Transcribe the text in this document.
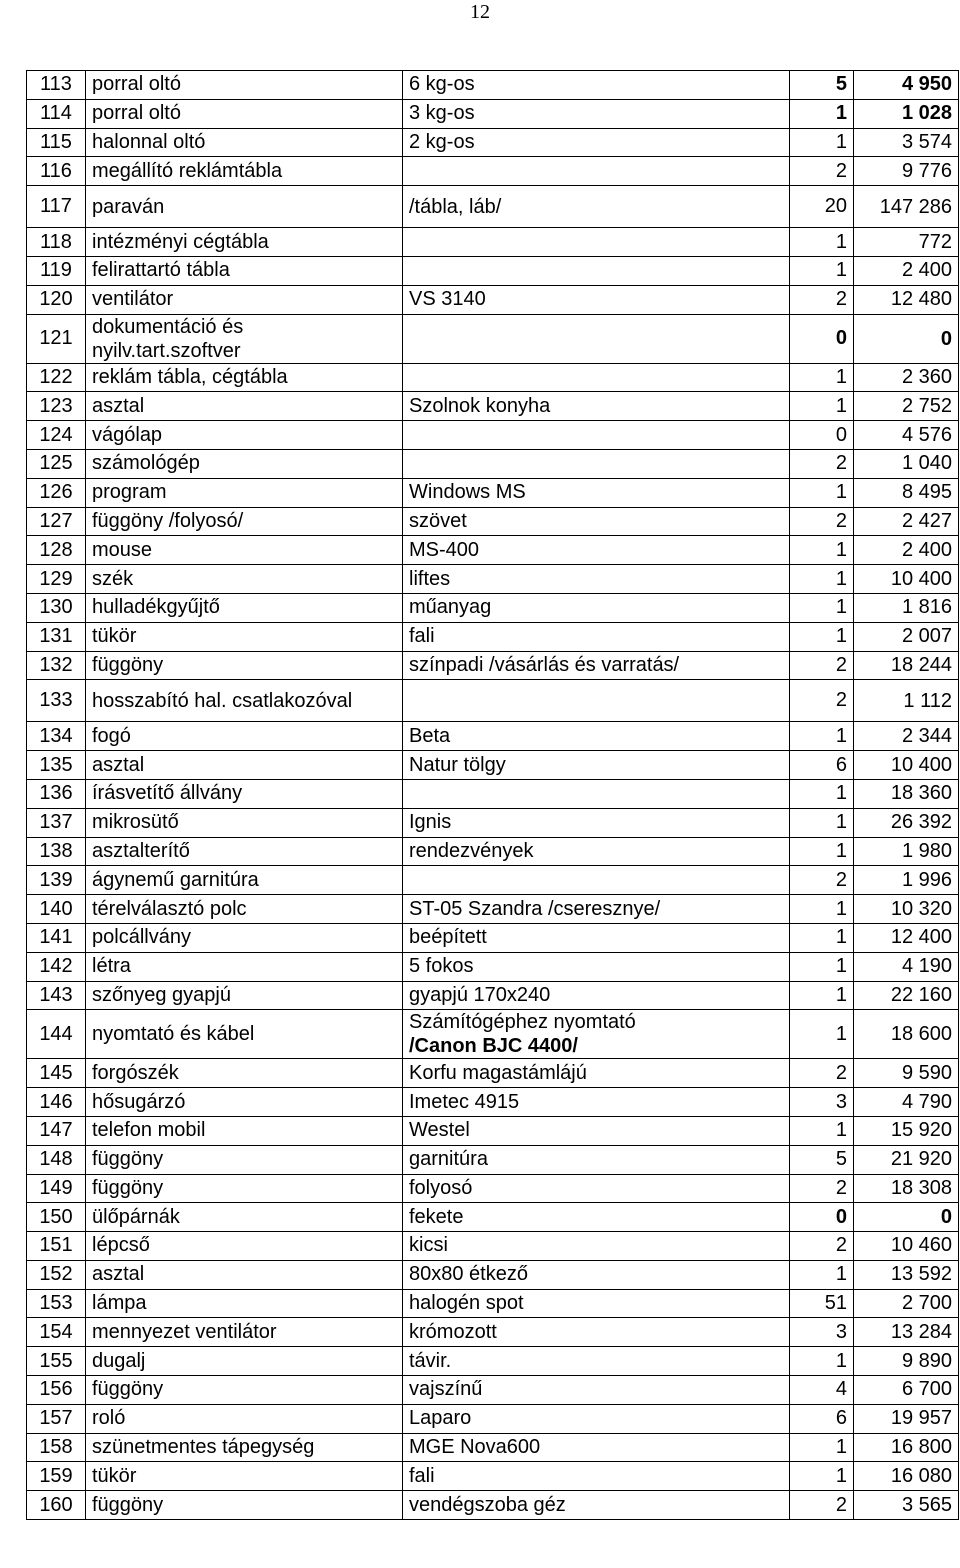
12
113	porral oltó	6 kg-os	5	4 950
114	porral oltó	3 kg-os	1	1 028
115	halonnal oltó	2 kg-os	1	3 574
116	megállító reklámtábla		2	9 776
117	paraván	/tábla, láb/	20	147 286
118	intézményi cégtábla		1	772
119	felirattartó tábla		1	2 400
120	ventilátor	VS 3140	2	12 480
121	dokumentáció és nyilv.tart.szoftver		0	0
122	reklám tábla, cégtábla		1	2 360
123	asztal	Szolnok konyha	1	2 752
124	vágólap		0	4 576
125	számológép		2	1 040
126	program	Windows MS	1	8 495
127	függöny /folyosó/	szövet	2	2 427
128	mouse	MS-400	1	2 400
129	szék	liftes	1	10 400
130	hulladékgyűjtő	műanyag	1	1 816
131	tükör	fali	1	2 007
132	függöny	színpadi /vásárlás és varratás/	2	18 244
133	hosszabító hal. csatlakozóval		2	1 112
134	fogó	Beta	1	2 344
135	asztal	Natur tölgy	6	10 400
136	írásvetítő állvány		1	18 360
137	mikrosütő	Ignis	1	26 392
138	asztalterítő	rendezvények	1	1 980
139	ágynemű garnitúra		2	1 996
140	térelválasztó polc	ST-05 Szandra /cseresznye/	1	10 320
141	polcállvány	beépített	1	12 400
142	létra	5 fokos	1	4 190
143	szőnyeg gyapjú	gyapjú 170x240	1	22 160
144	nyomtató és kábel	Számítógéphez nyomtató
/Canon BJC 4400/	1	18 600
145	forgószék	Korfu magastámlájú	2	9 590
146	hősugárzó	Imetec 4915	3	4 790
147	telefon mobil	Westel	1	15 920
148	függöny	garnitúra	5	21 920
149	függöny	folyosó	2	18 308
150	ülőpárnák	fekete	0	0
151	lépcső	kicsi	2	10 460
152	asztal	80x80 étkező	1	13 592
153	lámpa	halogén spot	51	2 700
154	mennyezet ventilátor	krómozott	3	13 284
155	dugalj	távir.	1	9 890
156	függöny	vajszínű	4	6 700
157	roló	Laparo	6	19 957
158	szünetmentes tápegység	MGE Nova600	1	16 800
159	tükör	fali	1	16 080
160	függöny	vendégszoba géz	2	3 565
